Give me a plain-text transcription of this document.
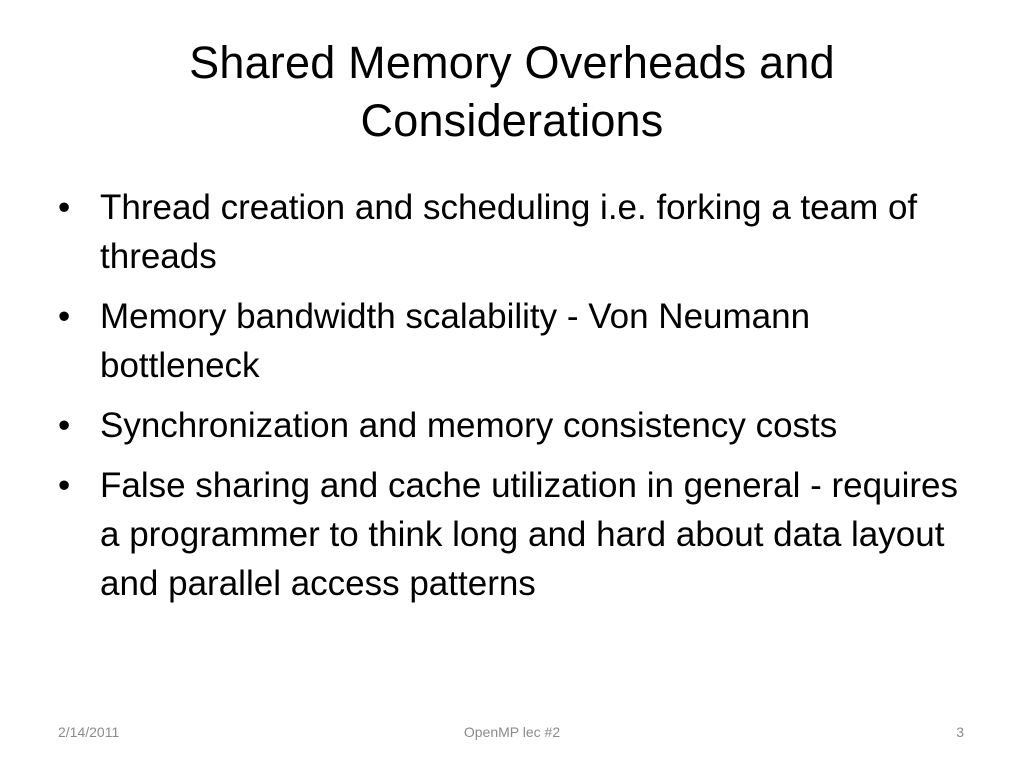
Shared Memory Overheads and Considerations
• Thread creation and scheduling i.e. forking a team of threads
• Memory bandwidth scalability - Von Neumann bottleneck
• Synchronization and memory consistency costs
• False sharing and cache utilization in general - requires a programmer to think long and hard about data layout and parallel access patterns
2/14/2011	OpenMP lec #2	3
